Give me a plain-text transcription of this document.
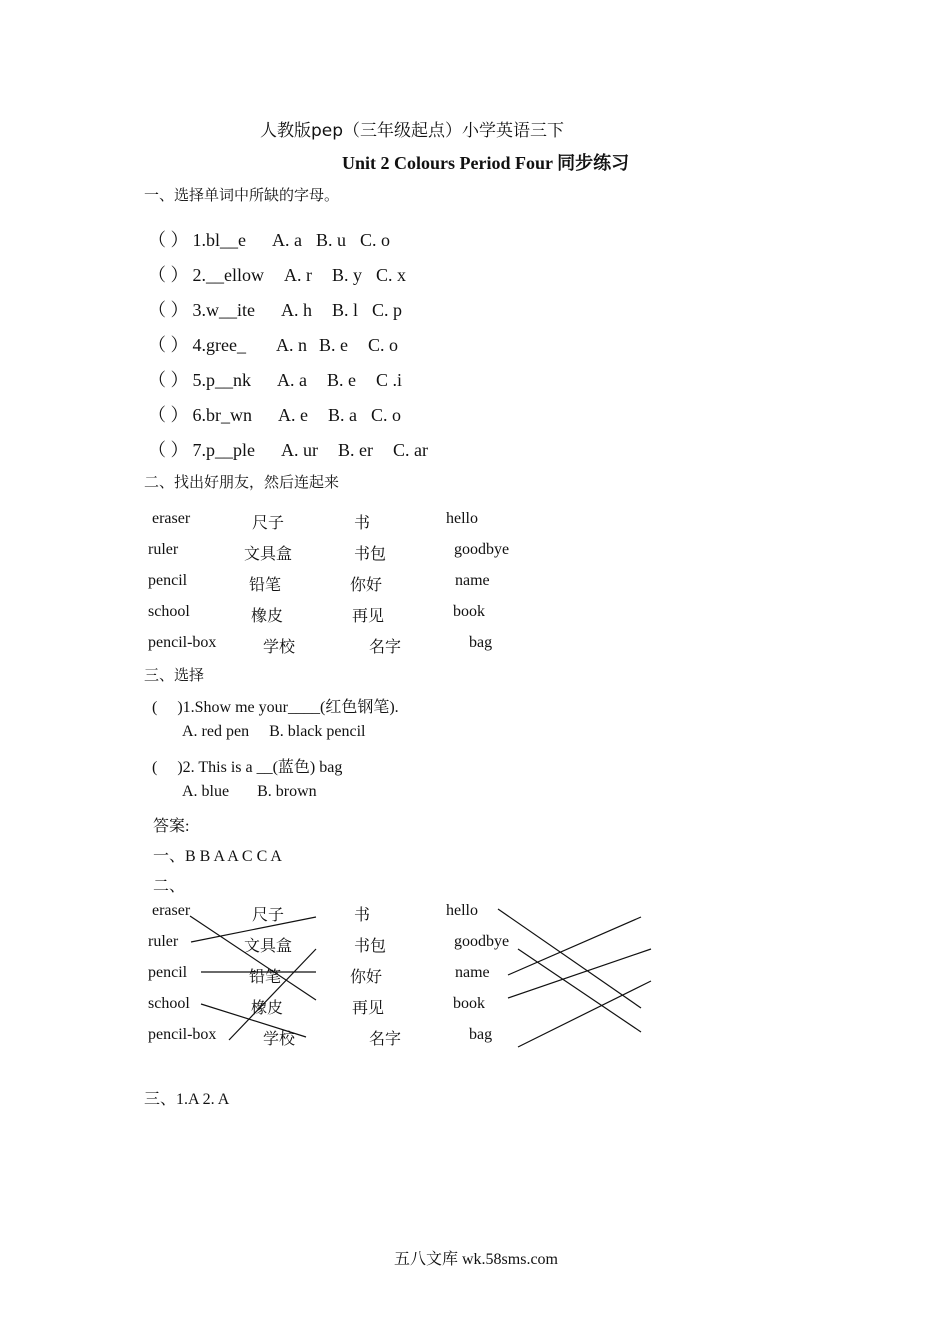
人教版pep（三年级起点）小学英语三下
Unit 2 Colours Period Four 同步练习
一、选择单词中所缺的字母。
（ ） 1.bl__e A. a B. u C. o
（ ） 2.__ellow A. r B. y C. x
（ ） 3.w__ite A. h B. l C. p
（ ） 4.gree_ A. n B. e C. o
（ ） 5.p__nk A. a B. e C .i
（ ） 6.br_wn A. e B. a C. o
（ ） 7.p__ple A. ur B. er C. ar
二、找出好朋友，然后连起来
eraser	尺子	书	hello
ruler	文具盒	书包	goodbye
pencil	铅笔	你好	name
school	橡皮	再见	book
pencil-box	学校	名字	bag
三、选择
(     )1.Show me your____(红色钢笔).
A. red pen     B. black pencil
(     )2. This is a __(蓝色) bag
A. blue       B. brown
答案:
一、B B A A C C A
二、
eraser	尺子	书	hello
ruler	文具盒	书包	goodbye
pencil	铅笔	你好	name
school	橡皮	再见	book
pencil-box	学校	名字	bag
三、1.A 2. A
五八文库 wk.58sms.com
